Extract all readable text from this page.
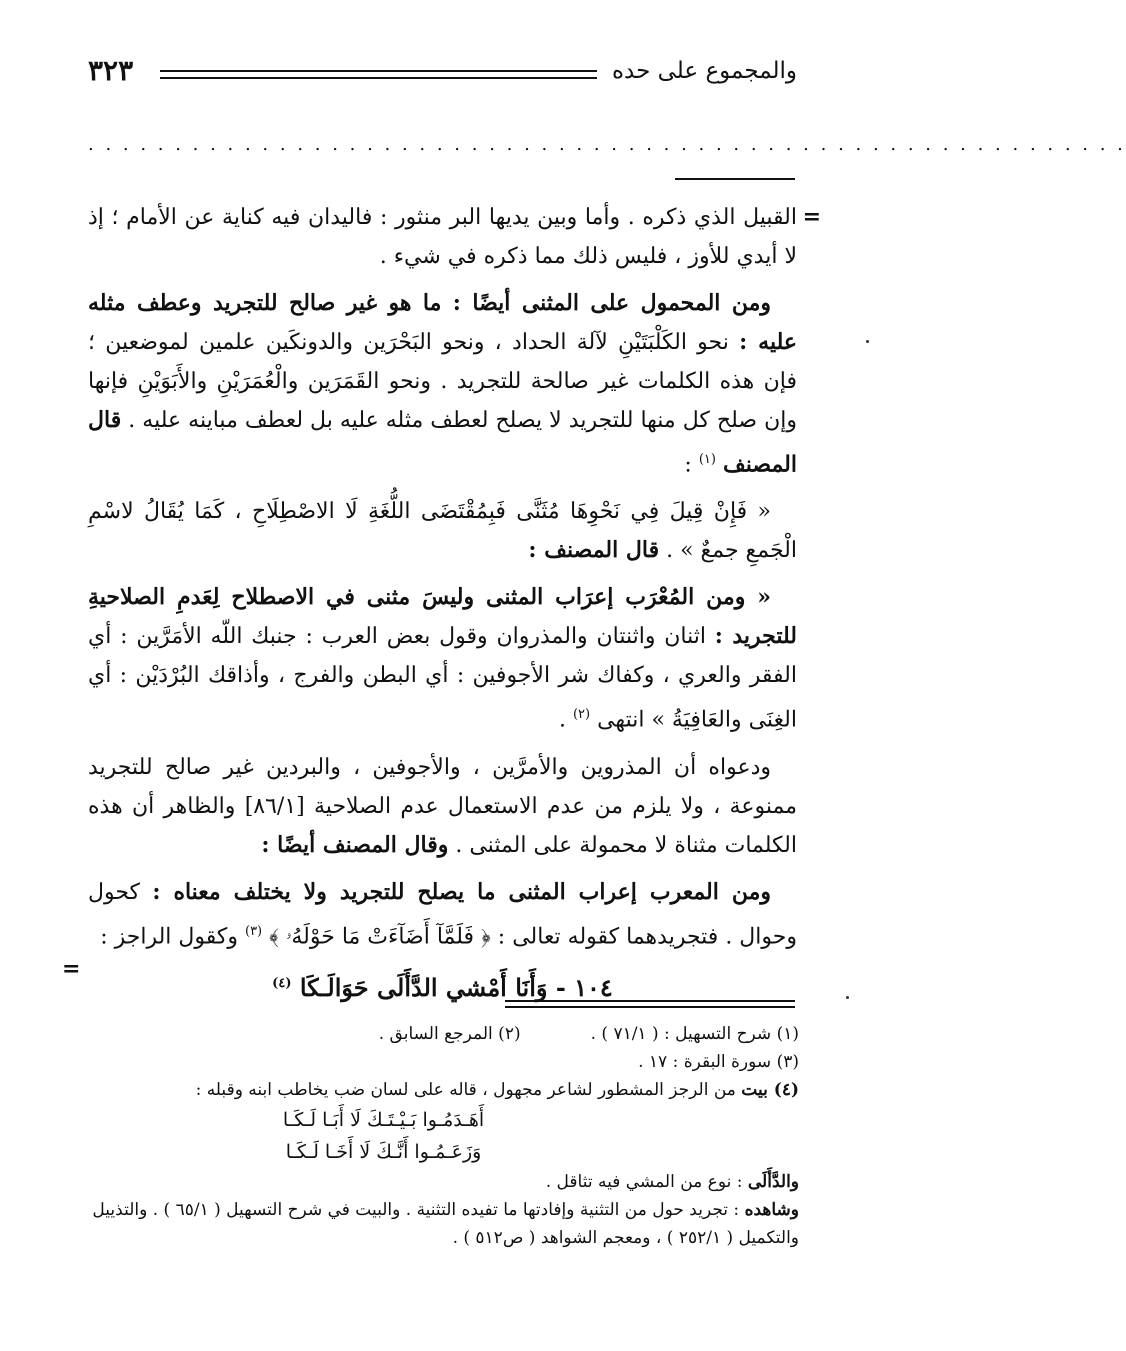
والمجموع على حده
٣٢٣
. . . . . . . . . . . . . . . . . . . . . . . . . . . . . . . . . . . . . . . . . . . . . . . . . . . . . . . . . . . .
=
=

القبيل الذي ذكره . وأما وبين يديها البر منثور : فاليدان فيه كناية عن الأمام ؛ إذ لا أيدي للأوز ، فليس ذلك مما ذكره في شيء .

ومن المحمول على المثنى أيضًا : ما هو غير صالح للتجريد وعطف مثله عليه : نحو الكَلْبَتَيْنِ لآلة الحداد ، ونحو البَحْرَين والدونكَين علمين لموضعين ؛ فإن هذه الكلمات غير صالحة للتجريد . ونحو القَمَرَين والْعُمَرَيْنِ والأَبَوَيْنِ فإنها وإن صلح كل منها للتجريد لا يصلح لعطف مثله عليه بل لعطف مباينه عليه . قال المصنف $^{(١)}$ :

« فَإِنْ قِيلَ فِي نَحْوِهَا مُثَنَّى فَبِمُقْتَضَى اللُّغَةِ لَا الاصْطِلَاحِ ، كَمَا يُقَالُ لاسْمِ الْجَمعِ جمعٌ » . قال المصنف :

« ومن المُعْرَب إعرَاب المثنى وليسَ مثنى في الاصطلاح لِعَدمِ الصلاحيةِ للتجريد : اثنان واثنتان والمذروان وقول بعض العرب : جنبك اللّه الأمَرَّين : أي الفقر والعري ، وكفاك شر الأجوفين : أي البطن والفرج ، وأذاقك البُرْدَيْن : أي الغِنَى والعَافِيَةُ » انتهى $^{(٢)}$ .

ودعواه أن المذروين والأمرَّين ، والأجوفين ، والبردين غير صالح للتجريد ممنوعة ، ولا يلزم من عدم الاستعمال عدم الصلاحية [٨٦/١] والظاهر أن هذه الكلمات مثناة لا محمولة على المثنى . وقال المصنف أيضًا :

ومن المعرب إعراب المثنى ما يصلح للتجريد ولا يختلف معناه : كحول وحوال . فتجريدهما كقوله تعالى : ﴿ فَلَمَّآ أَضَآءَتْ مَا حَوْلَهُۥ ﴾ $^{(٣)}$ وكقول الراجز :

١٠٤ - وَأَنَا أَمْشي الدَّأَلَى حَوَالَـكَا $^{(٤)}$
(١) شرح التسهيل : ( ٧١/١ ) .
(٢) المرجع السابق .

(٣) سورة البقرة : ١٧ .

(٤) بيت من الرجز المشطور لشاعر مجهول ، قاله على لسان ضب يخاطب ابنه وقبله :

أَهَـدَمُـوا بَـيْـتَـكَ لَا أَبَـا لَـكَـا
وَزَعَـمُـوا أَنَّـكَ لَا أَخَـا لَـكَـا

والدَّأَلَى : نوع من المشي فيه تثاقل .

وشاهده : تجريد حول من التثنية وإفادتها ما تفيده التثنية . والبيت في شرح التسهيل ( ٦٥/١ ) . والتذييل والتكميل ( ٢٥٢/١ ) ، ومعجم الشواهد ( ص٥١٢ ) .
